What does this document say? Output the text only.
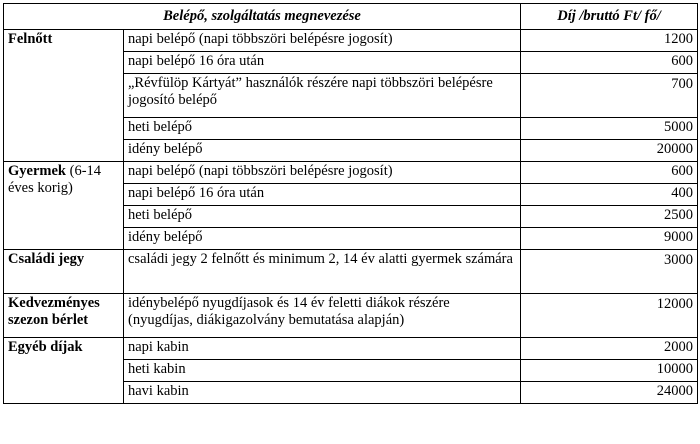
Belépő, szolgáltatás megnevezése		Díj /bruttó Ft/ fő/
Felnőtt	napi belépő (napi többszöri belépésre jogosít)	1200
	napi belépő 16 óra után	600
	„Révfülöp Kártyát” használók részére napi többszöri belépésre jogosító belépő	700
	heti belépő	5000
	idény belépő	20000
Gyermek (6-14 éves korig)	napi belépő (napi többszöri belépésre jogosít)	600
	napi belépő 16 óra után	400
	heti belépő	2500
	idény belépő	9000
Családi jegy	családi jegy 2 felnőtt és minimum 2, 14 év alatti gyermek számára	3000
Kedvezményes szezon bérlet	idénybelépő nyugdíjasok és 14 év feletti diákok részére (nyugdíjas, diákigazolvány bemutatása alapján)	12000
Egyéb díjak	napi kabin	2000
	heti kabin	10000
	havi kabin	24000
